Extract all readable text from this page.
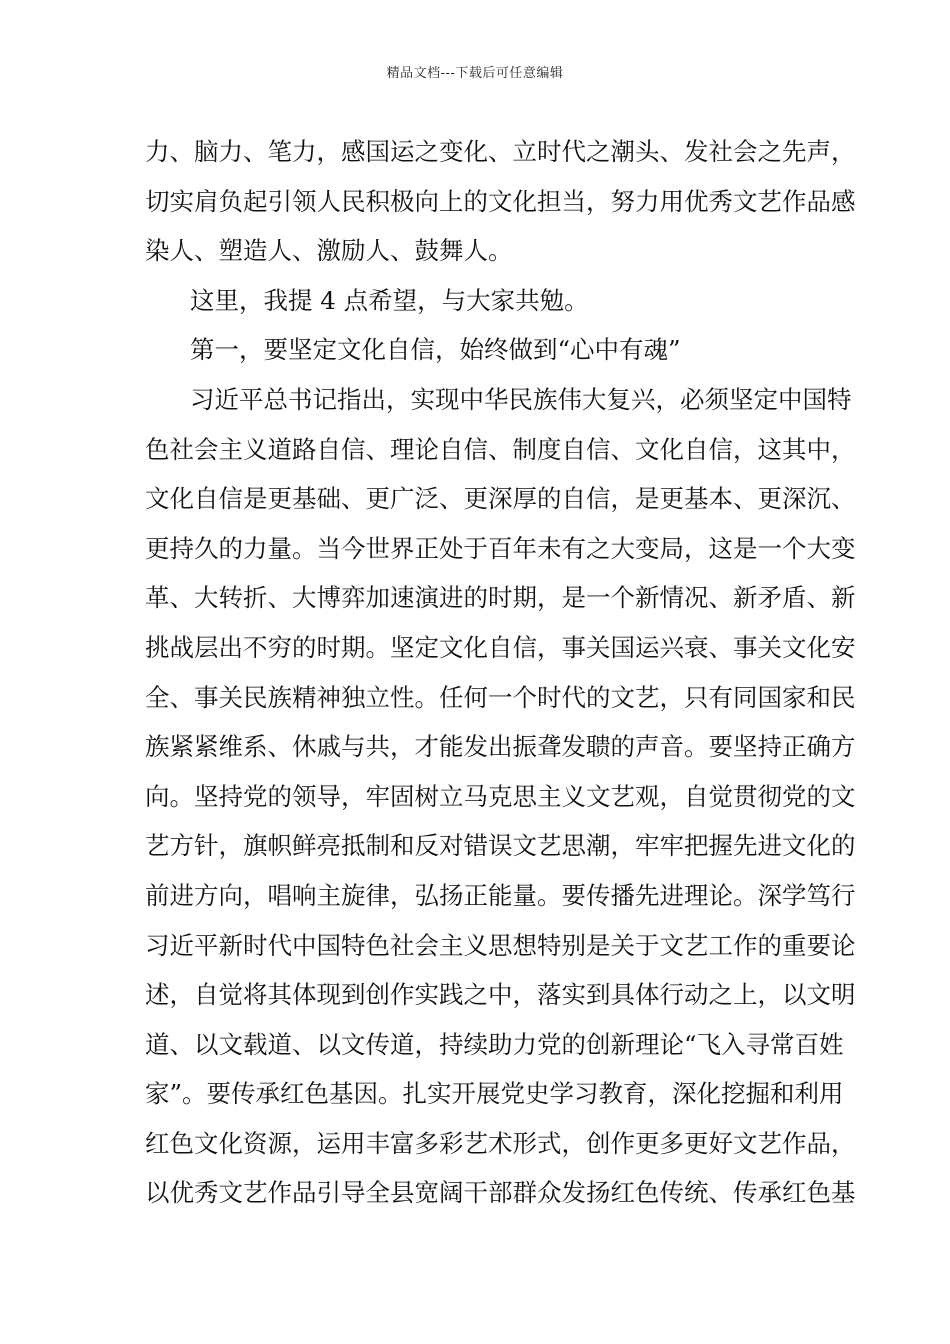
精品文档---下载后可任意编辑
力、脑力、笔力，感国运之变化、立时代之潮头、发社会之先声，
切实肩负起引领人民积极向上的文化担当，努力用优秀文艺作品感
染人、塑造人、激励人、鼓舞人。
这里，我提 4 点希望，与大家共勉。
第一，要坚定文化自信，始终做到“心中有魂”
习近平总书记指出，实现中华民族伟大复兴，必须坚定中国特
色社会主义道路自信、理论自信、制度自信、文化自信，这其中，
文化自信是更基础、更广泛、更深厚的自信，是更基本、更深沉、
更持久的力量。当今世界正处于百年未有之大变局，这是一个大变
革、大转折、大博弈加速演进的时期，是一个新情况、新矛盾、新
挑战层出不穷的时期。坚定文化自信，事关国运兴衰、事关文化安
全、事关民族精神独立性。任何一个时代的文艺，只有同国家和民
族紧紧维系、休戚与共，才能发出振聋发聩的声音。要坚持正确方
向。坚持党的领导，牢固树立马克思主义文艺观，自觉贯彻党的文
艺方针，旗帜鲜亮抵制和反对错误文艺思潮，牢牢把握先进文化的
前进方向，唱响主旋律，弘扬正能量。要传播先进理论。深学笃行
习近平新时代中国特色社会主义思想特别是关于文艺工作的重要论
述，自觉将其体现到创作实践之中，落实到具体行动之上，以文明
道、以文载道、以文传道，持续助力党的创新理论“飞入寻常百姓
家”。要传承红色基因。扎实开展党史学习教育，深化挖掘和利用
红色文化资源，运用丰富多彩艺术形式，创作更多更好文艺作品，
以优秀文艺作品引导全县宽阔干部群众发扬红色传统、传承红色基
